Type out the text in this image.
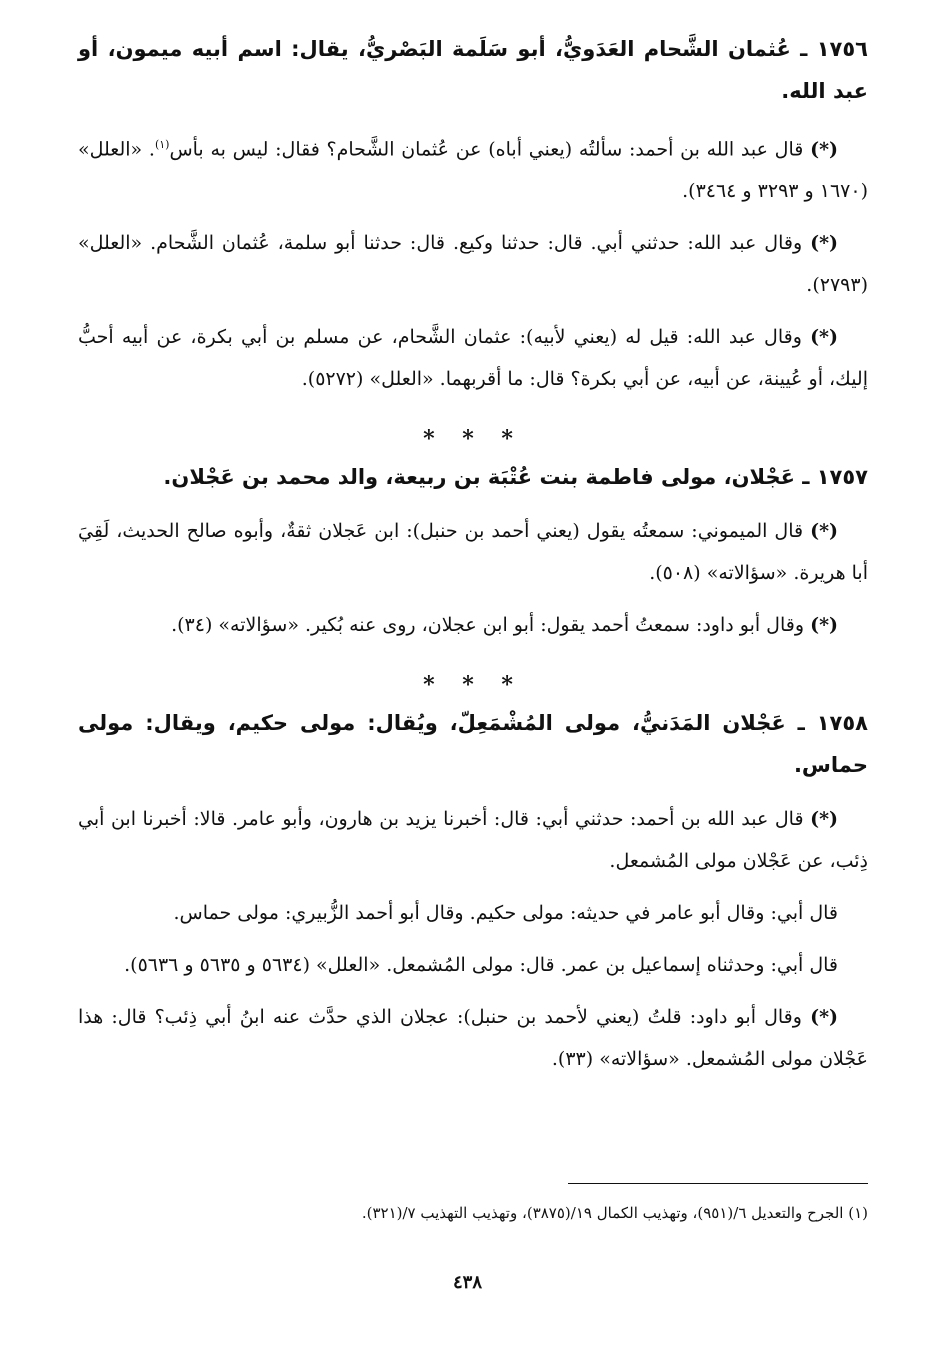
١٧٥٦ ـ عُثمان الشَّحام العَدَويُّ، أبو سَلَمة البَصْريُّ، يقال: اسم أبيه ميمون، أو عبد الله.

(*) قال عبد الله بن أحمد: سألتُه (يعني أباه) عن عُثمان الشَّحام؟ فقال: ليس به بأس$^{(١)}$. «العلل» (١٦٧٠ و ٣٢٩٣ و ٣٤٦٤).

(*) وقال عبد الله: حدثني أبي. قال: حدثنا وكيع. قال: حدثنا أبو سلمة، عُثمان الشَّحام. «العلل» (٢٧٩٣).

(*) وقال عبد الله: قيل له (يعني لأبيه): عثمان الشَّحام، عن مسلم بن أبي بكرة، عن أبيه أحبُّ إليك، أو عُيينة، عن أبيه، عن أبي بكرة؟ قال: ما أقربهما. «العلل» (٥٢٧٢).

* * *
١٧٥٧ ـ عَجْلان، مولى فاطمة بنت عُتْبَة بن ربيعة، والد محمد بن عَجْلان.

(*) قال الميموني: سمعتُه يقول (يعني أحمد بن حنبل): ابن عَجلان ثقةٌ، وأبوه صالح الحديث، لَقِيَ أبا هريرة. «سؤالاته» (٥٠٨).

(*) وقال أبو داود: سمعتُ أحمد يقول: أبو ابن عجلان، روى عنه بُكير. «سؤالاته» (٣٤).

* * *
١٧٥٨ ـ عَجْلان المَدَنيُّ، مولى المُشْمَعِلّ، ويُقال: مولى حكيم، ويقال: مولى حماس.

(*) قال عبد الله بن أحمد: حدثني أبي: قال: أخبرنا يزيد بن هارون، وأبو عامر. قالا: أخبرنا ابن أبي ذِئب، عن عَجْلان مولى المُشمعل.

قال أبي: وقال أبو عامر في حديثه: مولى حكيم. وقال أبو أحمد الزُّبيري: مولى حماس.

قال أبي: وحدثناه إسماعيل بن عمر. قال: مولى المُشمعل. «العلل» (٥٦٣٤ و ٥٦٣٥ و ٥٦٣٦).

(*) وقال أبو داود: قلتُ (يعني لأحمد بن حنبل): عجلان الذي حدَّث عنه ابنُ أبي ذِئب؟ قال: هذا عَجْلان مولى المُشمعل. «سؤالاته» (٣٣).

(١) الجرح والتعديل ٦/(٩٥١)، وتهذيب الكمال ١٩/(٣٨٧٥)، وتهذيب التهذيب ٧/(٣٢١).
٤٣٨
